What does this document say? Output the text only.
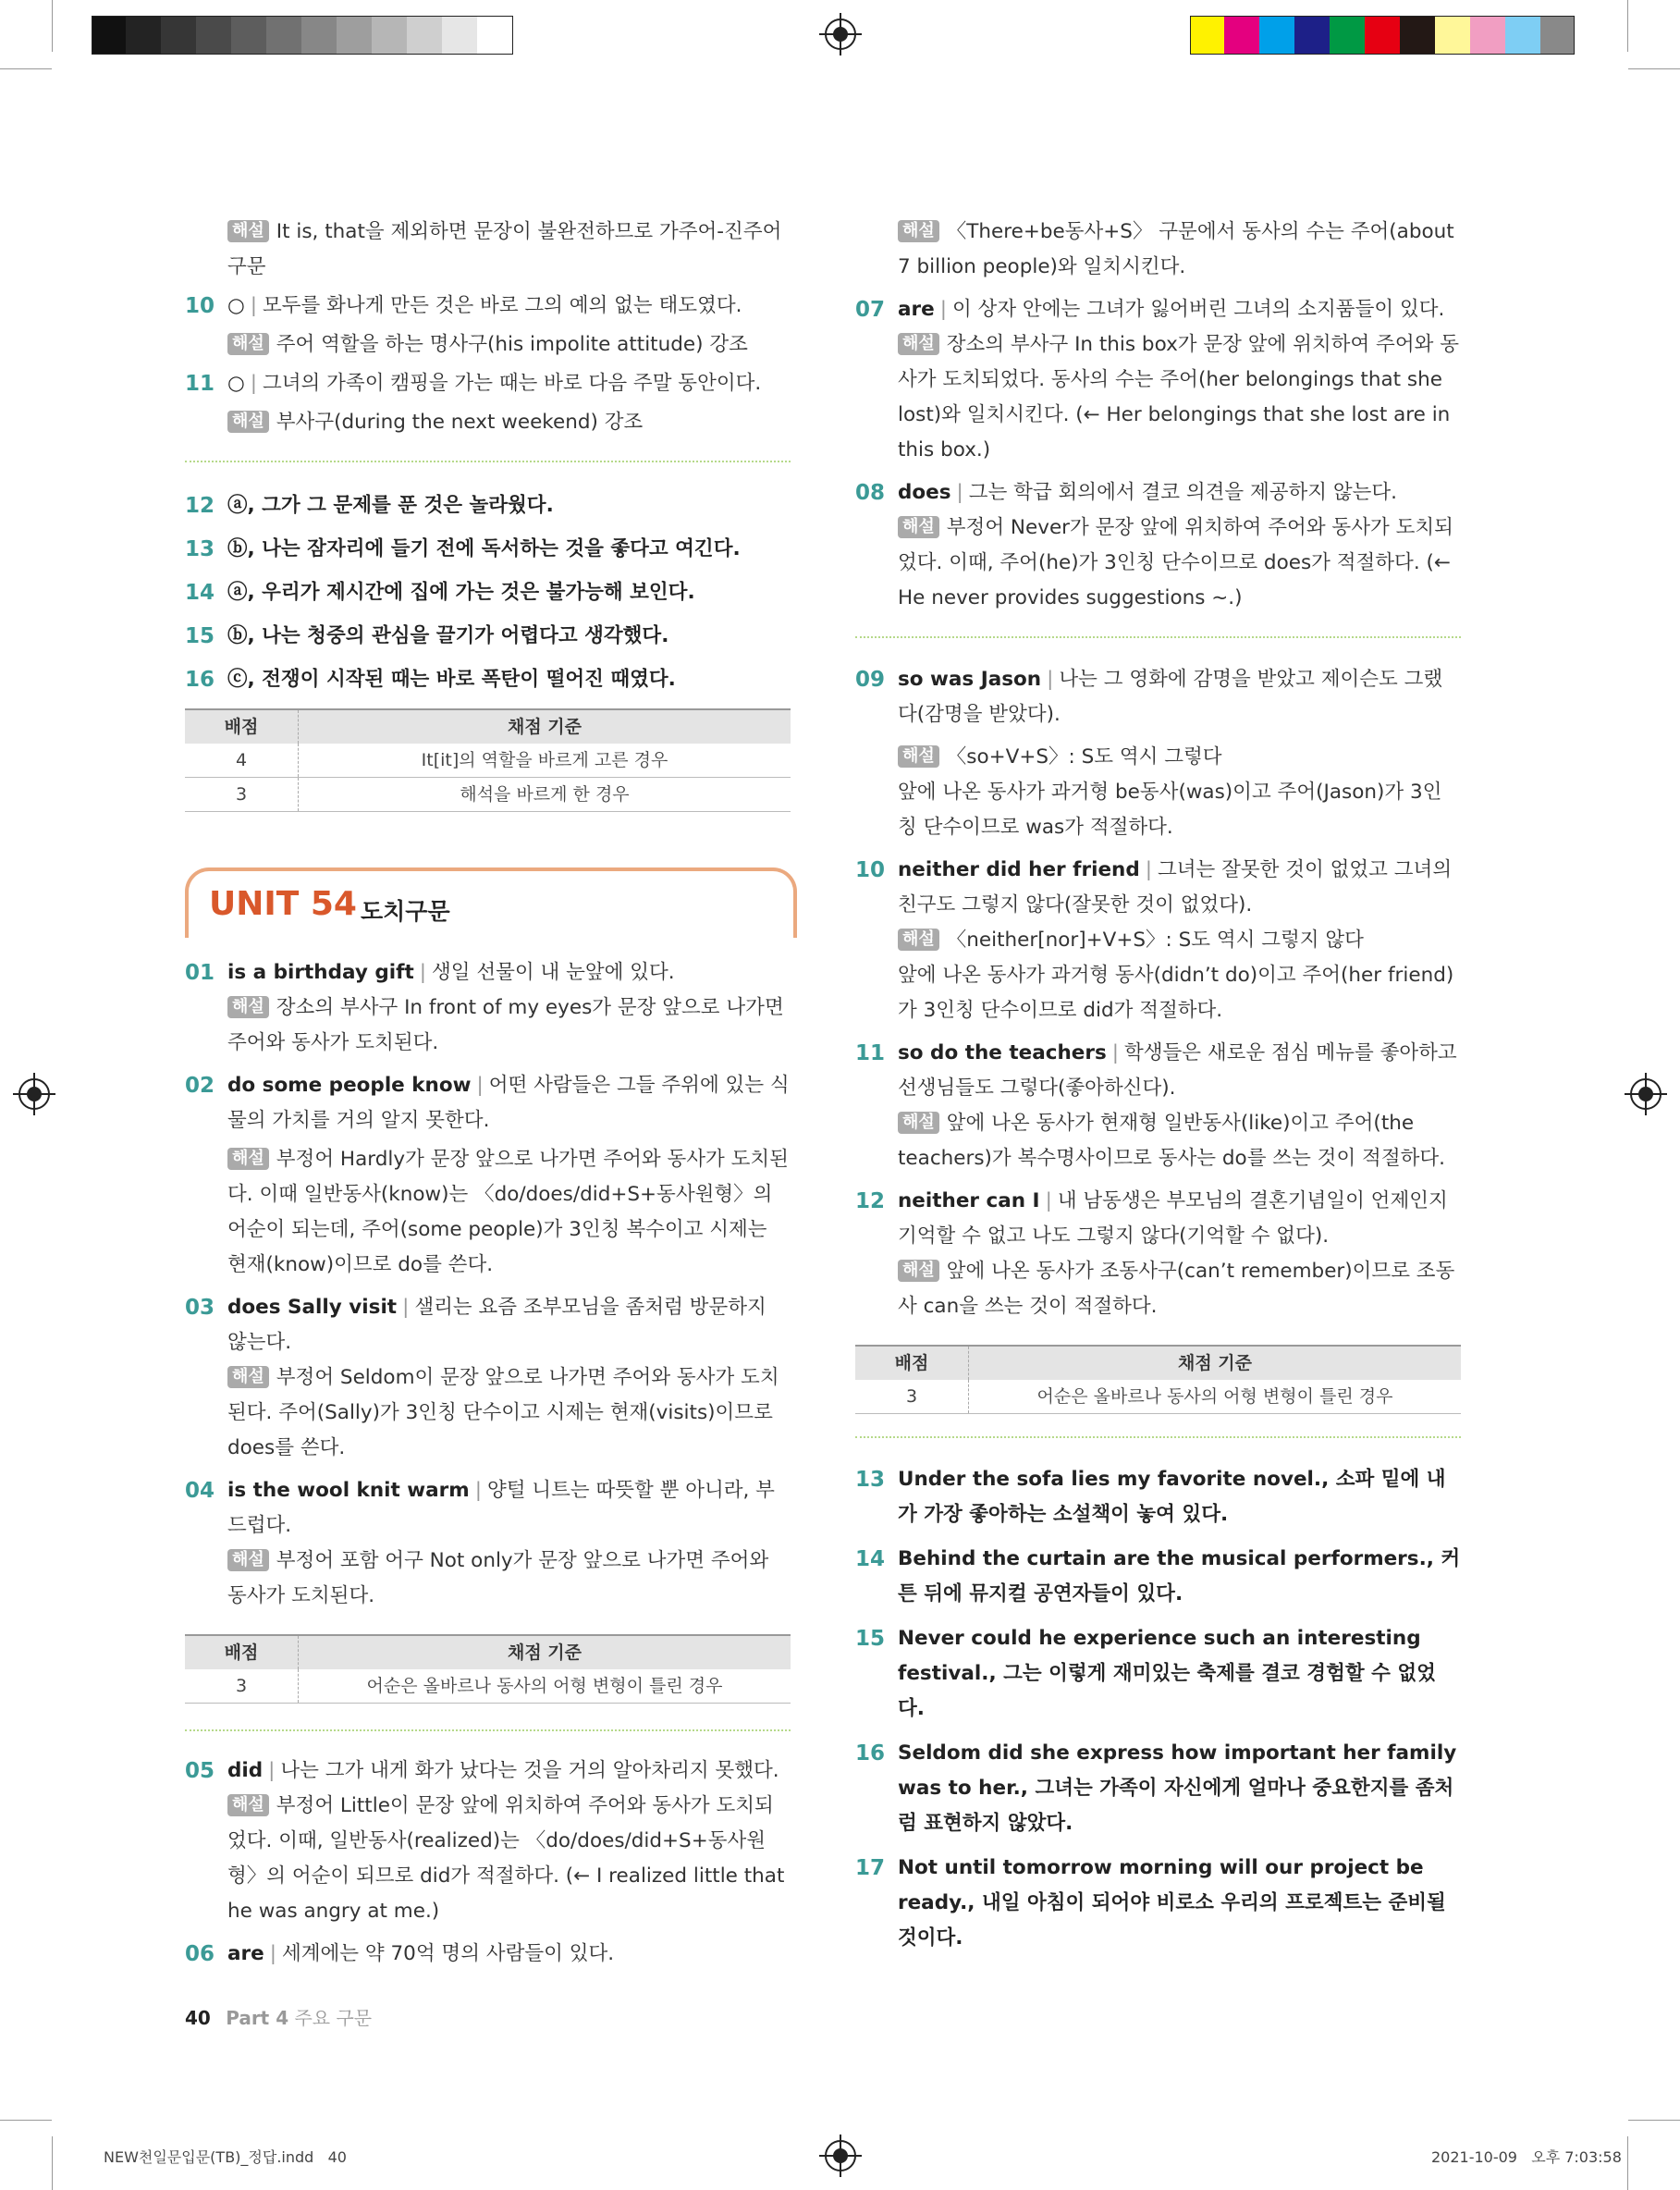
해설 It is, that을 제외하면 문장이 불완전하므로 가주어-진주어 구문
10 ○ | 모두를 화나게 만든 것은 바로 그의 예의 없는 태도였다.
해설 주어 역할을 하는 명사구(his impolite attitude) 강조
11 ○ | 그녀의 가족이 캠핑을 가는 때는 바로 다음 주말 동안이다.
해설 부사구(during the next weekend) 강조
12 ⓐ, 그가 그 문제를 푼 것은 놀라웠다.
13 ⓑ, 나는 잠자리에 들기 전에 독서하는 것을 좋다고 여긴다.
14 ⓐ, 우리가 제시간에 집에 가는 것은 불가능해 보인다.
15 ⓑ, 나는 청중의 관심을 끌기가 어렵다고 생각했다.
16 ⓒ, 전쟁이 시작된 때는 바로 폭탄이 떨어진 때였다.
배점	채점 기준
4	It[it]의 역할을 바르게 고른 경우
3	해석을 바르게 한 경우
UNIT 54 도치구문
01 is a birthday gift | 생일 선물이 내 눈앞에 있다.
해설 장소의 부사구 In front of my eyes가 문장 앞으로 나가면 주어와 동사가 도치된다.
02 do some people know | 어떤 사람들은 그들 주위에 있는 식물의 가치를 거의 알지 못한다.
해설 부정어 Hardly가 문장 앞으로 나가면 주어와 동사가 도치된다. 이때 일반동사(know)는 〈do/does/did+S+동사원형〉의 어순이 되는데, 주어(some people)가 3인칭 복수이고 시제는 현재(know)이므로 do를 쓴다.
03 does Sally visit | 샐리는 요즘 조부모님을 좀처럼 방문하지 않는다.
해설 부정어 Seldom이 문장 앞으로 나가면 주어와 동사가 도치된다. 주어(Sally)가 3인칭 단수이고 시제는 현재(visits)이므로 does를 쓴다.
04 is the wool knit warm | 양털 니트는 따뜻할 뿐 아니라, 부드럽다.
해설 부정어 포함 어구 Not only가 문장 앞으로 나가면 주어와 동사가 도치된다.
배점	채점 기준
3	어순은 올바르나 동사의 어형 변형이 틀린 경우
05 did | 나는 그가 내게 화가 났다는 것을 거의 알아차리지 못했다.
해설 부정어 Little이 문장 앞에 위치하여 주어와 동사가 도치되었다. 이때, 일반동사(realized)는 〈do/does/did+S+동사원형〉의 어순이 되므로 did가 적절하다. (← I realized little that he was angry at me.)
06 are | 세계에는 약 70억 명의 사람들이 있다.
해설 〈There+be동사+S〉 구문에서 동사의 수는 주어(about 7 billion people)와 일치시킨다.
07 are | 이 상자 안에는 그녀가 잃어버린 그녀의 소지품들이 있다.
해설 장소의 부사구 In this box가 문장 앞에 위치하여 주어와 동사가 도치되었다. 동사의 수는 주어(her belongings that she lost)와 일치시킨다. (← Her belongings that she lost are in this box.)
08 does | 그는 학급 회의에서 결코 의견을 제공하지 않는다.
해설 부정어 Never가 문장 앞에 위치하여 주어와 동사가 도치되었다. 이때, 주어(he)가 3인칭 단수이므로 does가 적절하다. (← He never provides suggestions ~.)
09 so was Jason | 나는 그 영화에 감명을 받았고 제이슨도 그랬다(감명을 받았다).
해설 〈so+V+S〉: S도 역시 그렇다
앞에 나온 동사가 과거형 be동사(was)이고 주어(Jason)가 3인칭 단수이므로 was가 적절하다.
10 neither did her friend | 그녀는 잘못한 것이 없었고 그녀의 친구도 그렇지 않다(잘못한 것이 없었다).
해설 〈neither[nor]+V+S〉: S도 역시 그렇지 않다
앞에 나온 동사가 과거형 동사(didn’t do)이고 주어(her friend)가 3인칭 단수이므로 did가 적절하다.
11 so do the teachers | 학생들은 새로운 점심 메뉴를 좋아하고 선생님들도 그렇다(좋아하신다).
해설 앞에 나온 동사가 현재형 일반동사(like)이고 주어(the teachers)가 복수명사이므로 동사는 do를 쓰는 것이 적절하다.
12 neither can I | 내 남동생은 부모님의 결혼기념일이 언제인지 기억할 수 없고 나도 그렇지 않다(기억할 수 없다).
해설 앞에 나온 동사가 조동사구(can’t remember)이므로 조동사 can을 쓰는 것이 적절하다.
배점	채점 기준
3	어순은 올바르나 동사의 어형 변형이 틀린 경우
13 Under the sofa lies my favorite novel., 소파 밑에 내가 가장 좋아하는 소설책이 놓여 있다.
14 Behind the curtain are the musical performers., 커튼 뒤에 뮤지컬 공연자들이 있다.
15 Never could he experience such an interesting festival., 그는 이렇게 재미있는 축제를 결코 경험할 수 없었다.
16 Seldom did she express how important her family was to her., 그녀는 가족이 자신에게 얼마나 중요한지를 좀처럼 표현하지 않았다.
17 Not until tomorrow morning will our project be ready., 내일 아침이 되어야 비로소 우리의 프로젝트는 준비될 것이다.
40 Part 4 주요 구문
NEW천일문입문(TB)_정답.indd   40	2021-10-09   오후 7:03:58
